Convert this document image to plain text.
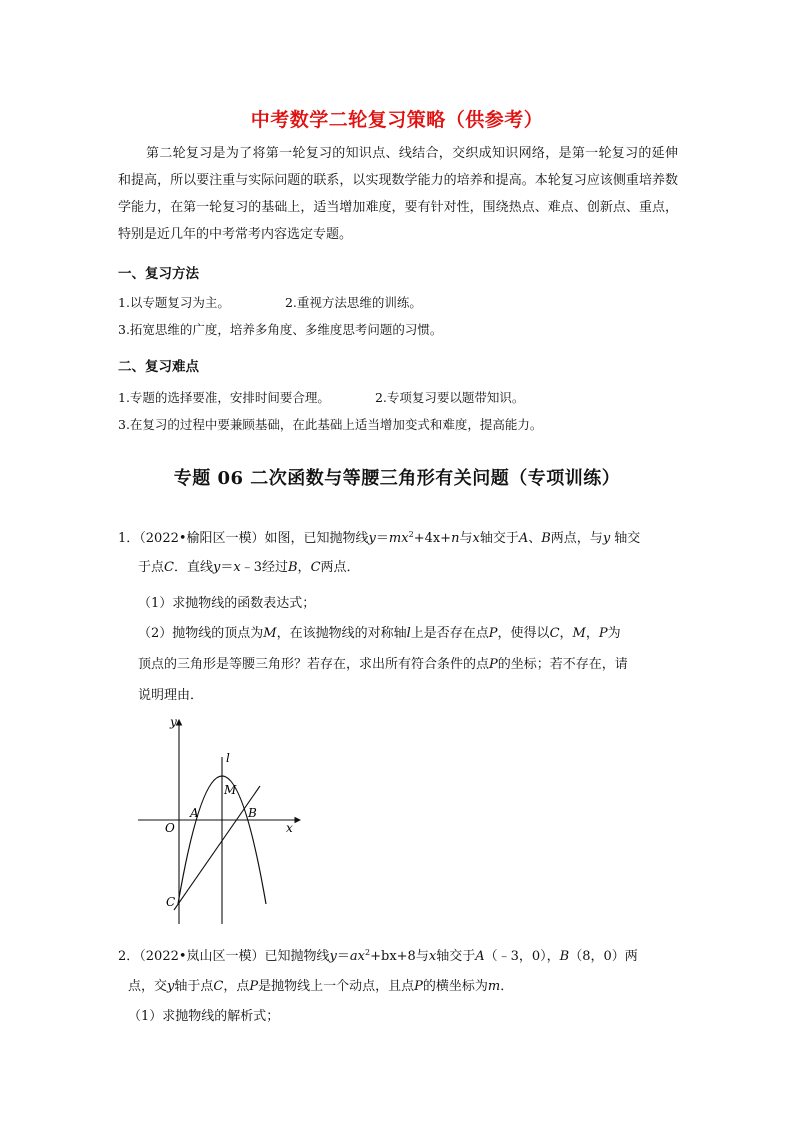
中考数学二轮复习策略（供参考）
第二轮复习是为了将第一轮复习的知识点、线结合，交织成知识网络，是第一轮复习的延伸和提高，所以要注重与实际问题的联系，以实现数学能力的培养和提高。本轮复习应该侧重培养数学能力，在第一轮复习的基础上，适当增加难度，要有针对性，围绕热点、难点、创新点、重点，特别是近几年的中考常考内容选定专题。
一、复习方法
1.以专题复习为主。	2.重视方法思维的训练。
3.拓宽思维的广度，培养多角度、多维度思考问题的习惯。
二、复习难点
1.专题的选择要准，安排时间要合理。	2.专项复习要以题带知识。
3.在复习的过程中要兼顾基础，在此基础上适当增加变式和难度，提高能力。
专题 06 二次函数与等腰三角形有关问题（专项训练）
1．（2022•榆阳区一模）如图，已知抛物线$y=mx^2+4x+n$与x轴交于A、B两点，与y 轴交
于点C．直线y＝x﹣3经过B，C两点．
（1）求抛物线的函数表达式；
（2）抛物线的顶点为M，在该抛物线的对称轴l上是否存在点P，使得以C，M，P为
顶点的三角形是等腰三角形？若存在，求出所有符合条件的点P的坐标；若不存在，请
说明理由．
y
x
l
M
A	B
O
C
2．（2022•岚山区一模）已知抛物线$y=ax^2+bx+8$与x轴交于A（﹣3，0），B（8，0）两
点，交y轴于点C，点P是抛物线上一个动点，且点P的横坐标为m．
（1）求抛物线的解析式；
